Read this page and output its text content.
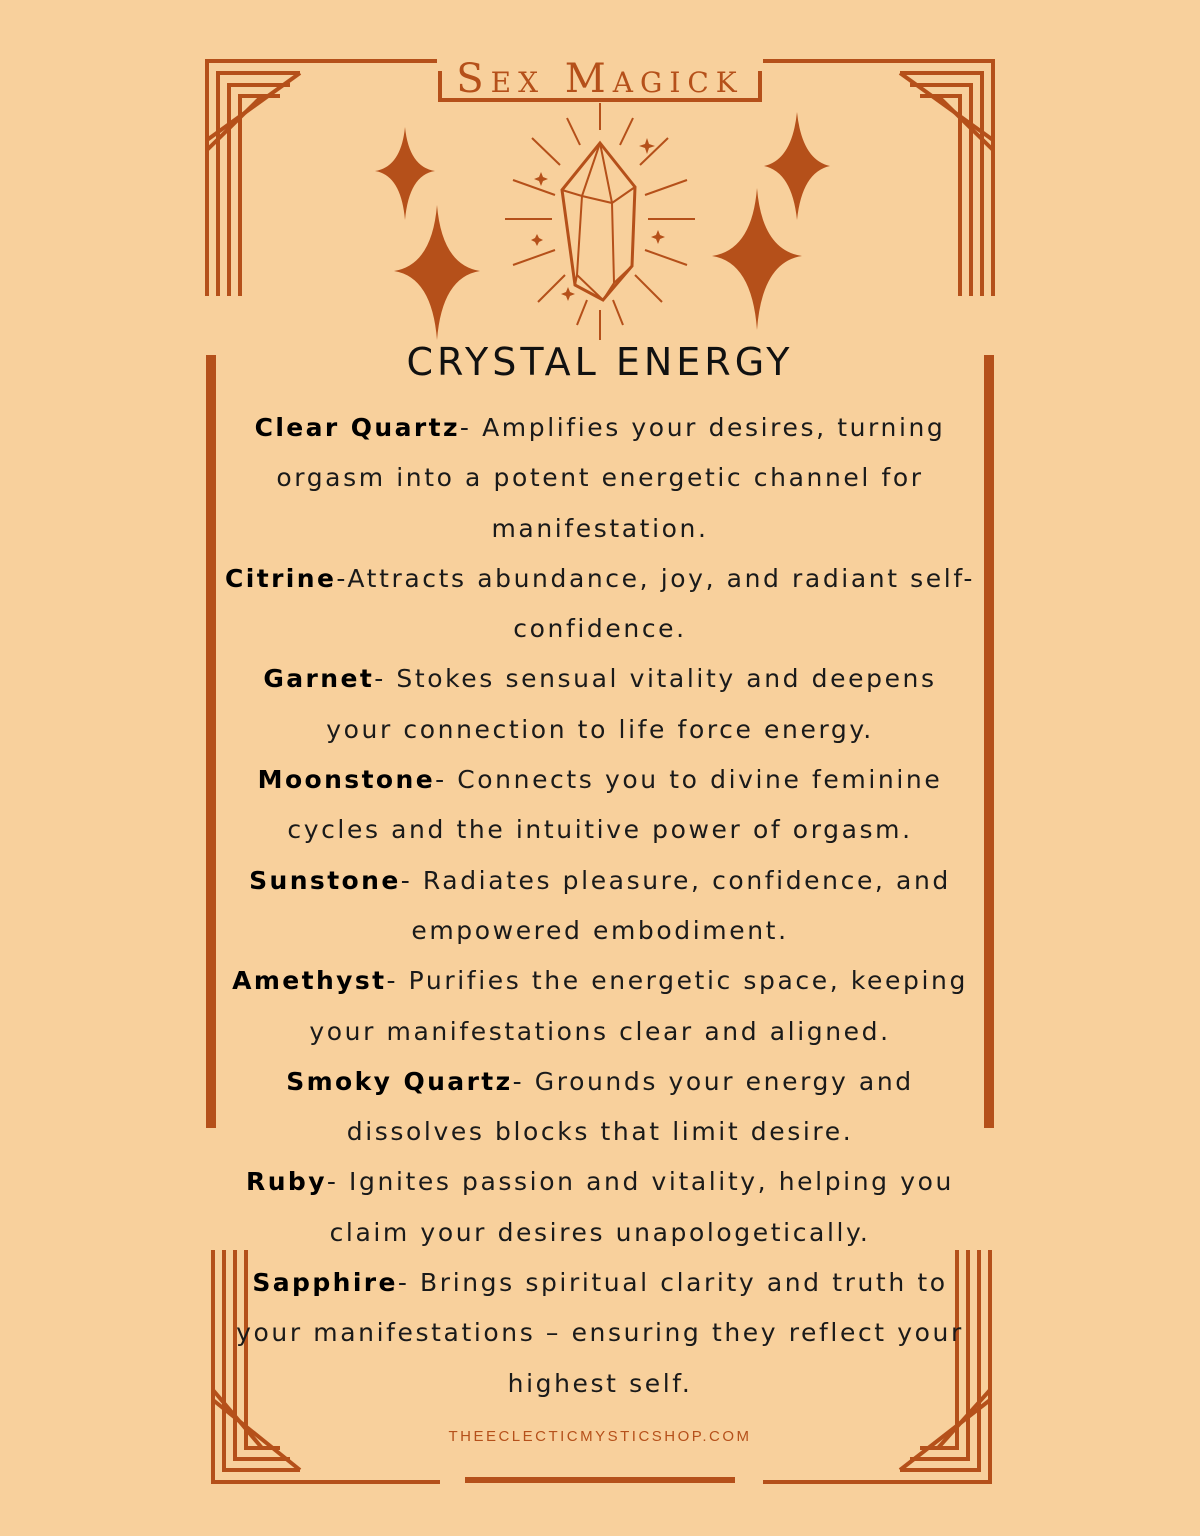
Sex Magick
CRYSTAL ENERGY

Clear Quartz- Amplifies your desires, turning orgasm into a potent energetic channel for manifestation.

Citrine-Attracts abundance, joy, and radiant self-confidence.

Garnet- Stokes sensual vitality and deepens your connection to life force energy.

Moonstone- Connects you to divine feminine cycles and the intuitive power of orgasm.

Sunstone- Radiates pleasure, confidence, and empowered embodiment.

Amethyst- Purifies the energetic space, keeping your manifestations clear and aligned.

Smoky Quartz- Grounds your energy and dissolves blocks that limit desire.

Ruby- Ignites passion and vitality, helping you claim your desires unapologetically.

Sapphire- Brings spiritual clarity and truth to your manifestations – ensuring they reflect your highest self.

THEECLECTICMYSTICSHOP.COM
